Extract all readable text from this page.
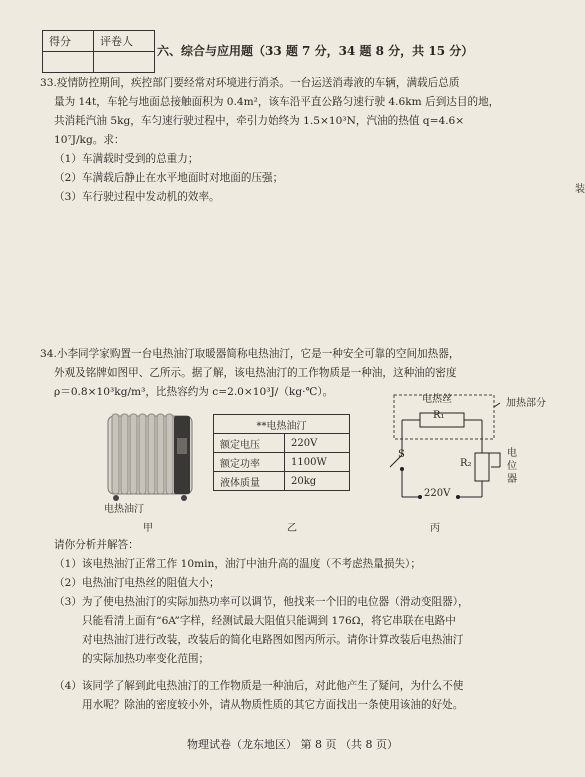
得分	评卷人

六、综合与应用题（33 题 7 分，34 题 8 分，共 15 分）
装
33.疫情防控期间，疾控部门要经常对环境进行消杀。一台运送消毒液的车辆，满载后总质
量为 14t，车轮与地面总接触面积为 0.4m²，该车沿平直公路匀速行驶 4.6km 后到达目的地，
共消耗汽油 5kg，车匀速行驶过程中，牵引力始终为 1.5×10³N，汽油的热值 q=4.6×
10⁷J/kg。求：
（1）车满载时受到的总重力；
（2）车满载后静止在水平地面时对地面的压强；
（3）车行驶过程中发动机的效率。
34.小李同学家购置一台电热油汀取暖器简称电热油汀，它是一种安全可靠的空间加热器，
外观及铭牌如图甲、乙所示。据了解，该电热油汀的工作物质是一种油，这种油的密度
ρ＝0.8×10³kg/m³，比热容约为 c=2.0×10³J/（kg·℃）。
电热油汀
**电热油汀	
额定电压	220V
额定功率	1100W
液体质量	20kg
电热丝
R₁
加热部分
S
R₂
电位器
220V
甲	乙	丙
请你分析并解答：
（1）该电热油汀正常工作 10min，油汀中油升高的温度（不考虑热量损失）；
（2）电热油汀电热丝的阻值大小；
（3）为了使电热油汀的实际加热功率可以调节，他找来一个旧的电位器（滑动变阻器），
只能看清上面有“6A”字样，经测试最大阻值只能调到 176Ω，将它串联在电路中
对电热油汀进行改装，改装后的简化电路图如图丙所示。请你计算改装后电热油汀
的实际加热功率变化范围；
（4）该同学了解到此电热油汀的工作物质是一种油后，对此他产生了疑问，为什么不使
用水呢？除油的密度较小外，请从物质性质的其它方面找出一条使用该油的好处。
物理试卷（龙东地区） 第 8 页 （共 8 页）
